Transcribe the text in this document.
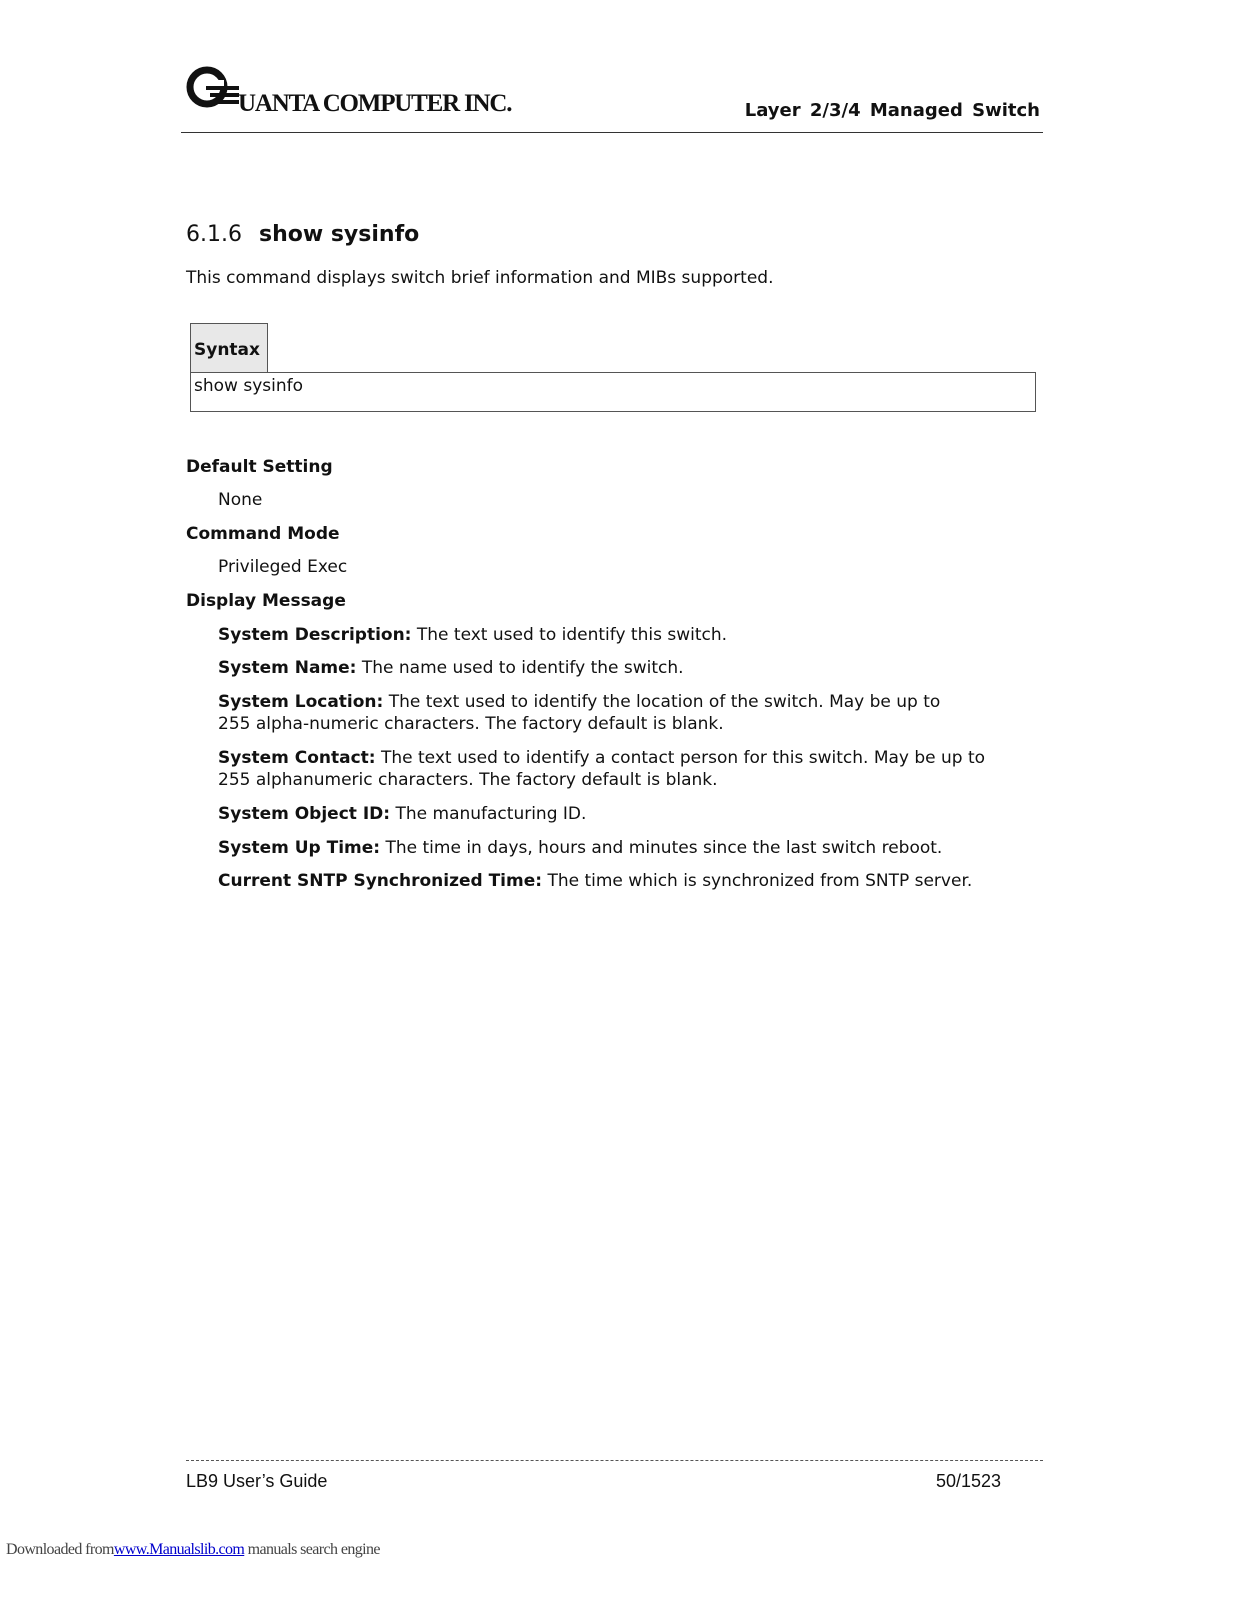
UANTA COMPUTER INC.	Layer 2/3/4 Managed Switch
6.1.6 show sysinfo
This command displays switch brief information and MIBs supported.
Syntax
show sysinfo
Default Setting
None
Command Mode
Privileged Exec
Display Message
System Description: The text used to identify this switch.
System Name: The name used to identify the switch.
System Location: The text used to identify the location of the switch. May be up to 255 alpha-numeric characters. The factory default is blank.
System Contact: The text used to identify a contact person for this switch. May be up to 255 alphanumeric characters. The factory default is blank.
System Object ID: The manufacturing ID.
System Up Time: The time in days, hours and minutes since the last switch reboot.
Current SNTP Synchronized Time: The time which is synchronized from SNTP server.
LB9 User’s Guide	50/1523
Downloaded fromwww.Manualslib.com manuals search engine
